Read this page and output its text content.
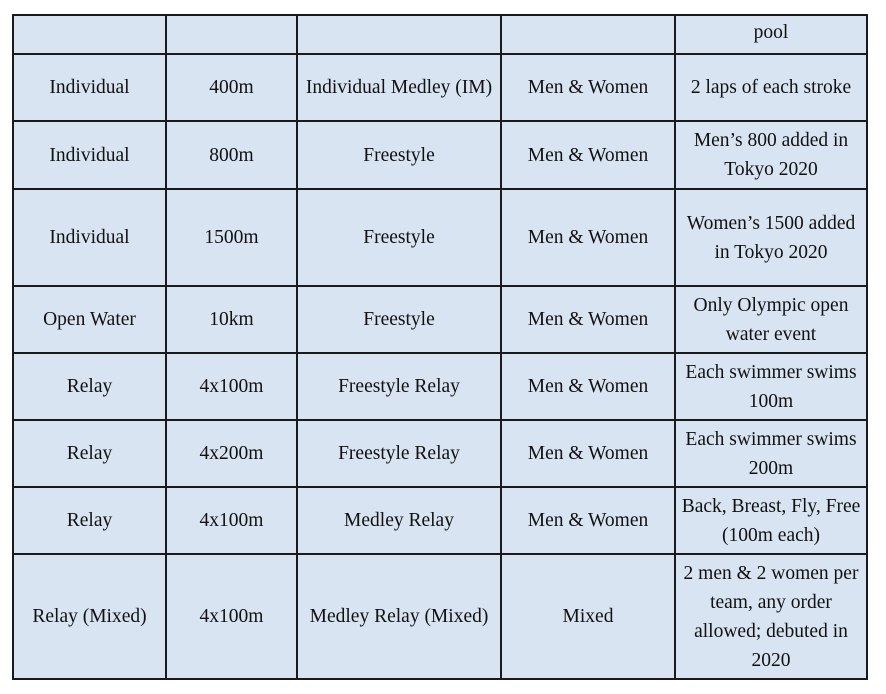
				pool
Individual	400m	Individual Medley (IM)	Men & Women	2 laps of each stroke
Individual	800m	Freestyle	Men & Women	Men’s 800 added in Tokyo 2020
Individual	1500m	Freestyle	Men & Women	Women’s 1500 added in Tokyo 2020
Open Water	10km	Freestyle	Men & Women	Only Olympic open water event
Relay	4x100m	Freestyle Relay	Men & Women	Each swimmer swims 100m
Relay	4x200m	Freestyle Relay	Men & Women	Each swimmer swims 200m
Relay	4x100m	Medley Relay	Men & Women	Back, Breast, Fly, Free (100m each)
Relay (Mixed)	4x100m	Medley Relay (Mixed)	Mixed	2 men & 2 women per team, any order allowed; debuted in 2020
